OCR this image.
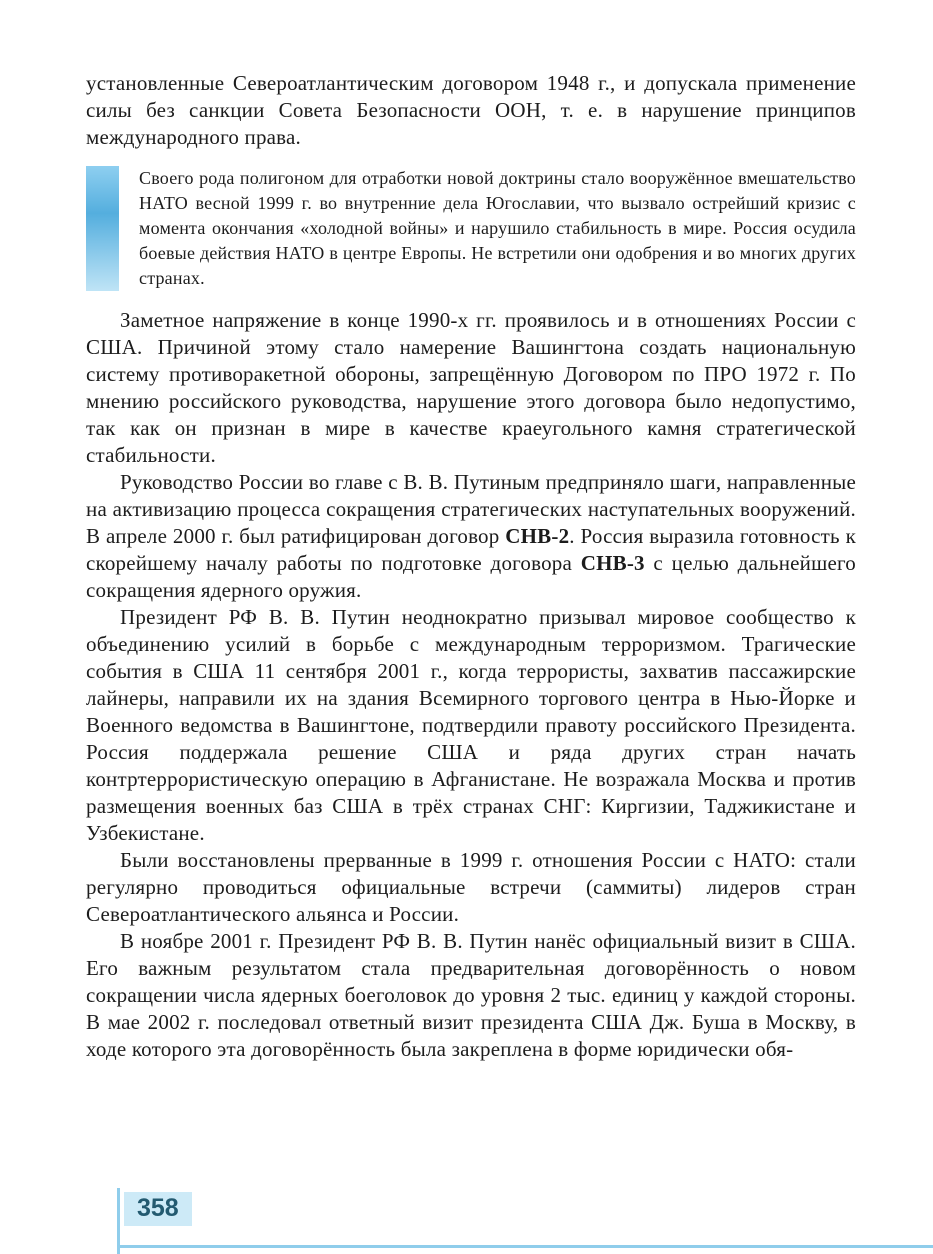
установленные Североатлантическим договором 1948 г., и допускала применение силы без санкции Совета Безопасности ООН, т. е. в нарушение принципов международного права.

Своего рода полигоном для отработки новой доктрины стало вооружённое вмешательство НАТО весной 1999 г. во внутренние дела Югославии, что вызвало острейший кризис с момента окончания «холодной войны» и нарушило стабильность в мире. Россия осудила боевые действия НАТО в центре Европы. Не встретили они одобрения и во многих других странах.

Заметное напряжение в конце 1990-х гг. проявилось и в отношениях России с США. Причиной этому стало намерение Вашингтона создать национальную систему противоракетной обороны, запрещённую Договором по ПРО 1972 г. По мнению российского руководства, нарушение этого договора было недопустимо, так как он признан в мире в качестве краеугольного камня стратегической стабильности.

Руководство России во главе с В. В. Путиным предприняло шаги, направленные на активизацию процесса сокращения стратегических наступательных вооружений. В апреле 2000 г. был ратифицирован договор СНВ-2. Россия выразила готовность к скорейшему началу работы по подготовке договора СНВ-3 с целью дальнейшего сокращения ядерного оружия.

Президент РФ В. В. Путин неоднократно призывал мировое сообщество к объединению усилий в борьбе с международным терроризмом. Трагические события в США 11 сентября 2001 г., когда террористы, захватив пассажирские лайнеры, направили их на здания Всемирного торгового центра в Нью-Йорке и Военного ведомства в Вашингтоне, подтвердили правоту российского Президента. Россия поддержала решение США и ряда других стран начать контртеррористическую операцию в Афганистане. Не возражала Москва и против размещения военных баз США в трёх странах СНГ: Киргизии, Таджикистане и Узбекистане.

Были восстановлены прерванные в 1999 г. отношения России с НАТО: стали регулярно проводиться официальные встречи (саммиты) лидеров стран Североатлантического альянса и России.

В ноябре 2001 г. Президент РФ В. В. Путин нанёс официальный визит в США. Его важным результатом стала предварительная договорённость о новом сокращении числа ядерных боеголовок до уровня 2 тыс. единиц у каждой стороны. В мае 2002 г. последовал ответный визит президента США Дж. Буша в Москву, в ходе которого эта договорённость была закреплена в форме юридически обя-

358
